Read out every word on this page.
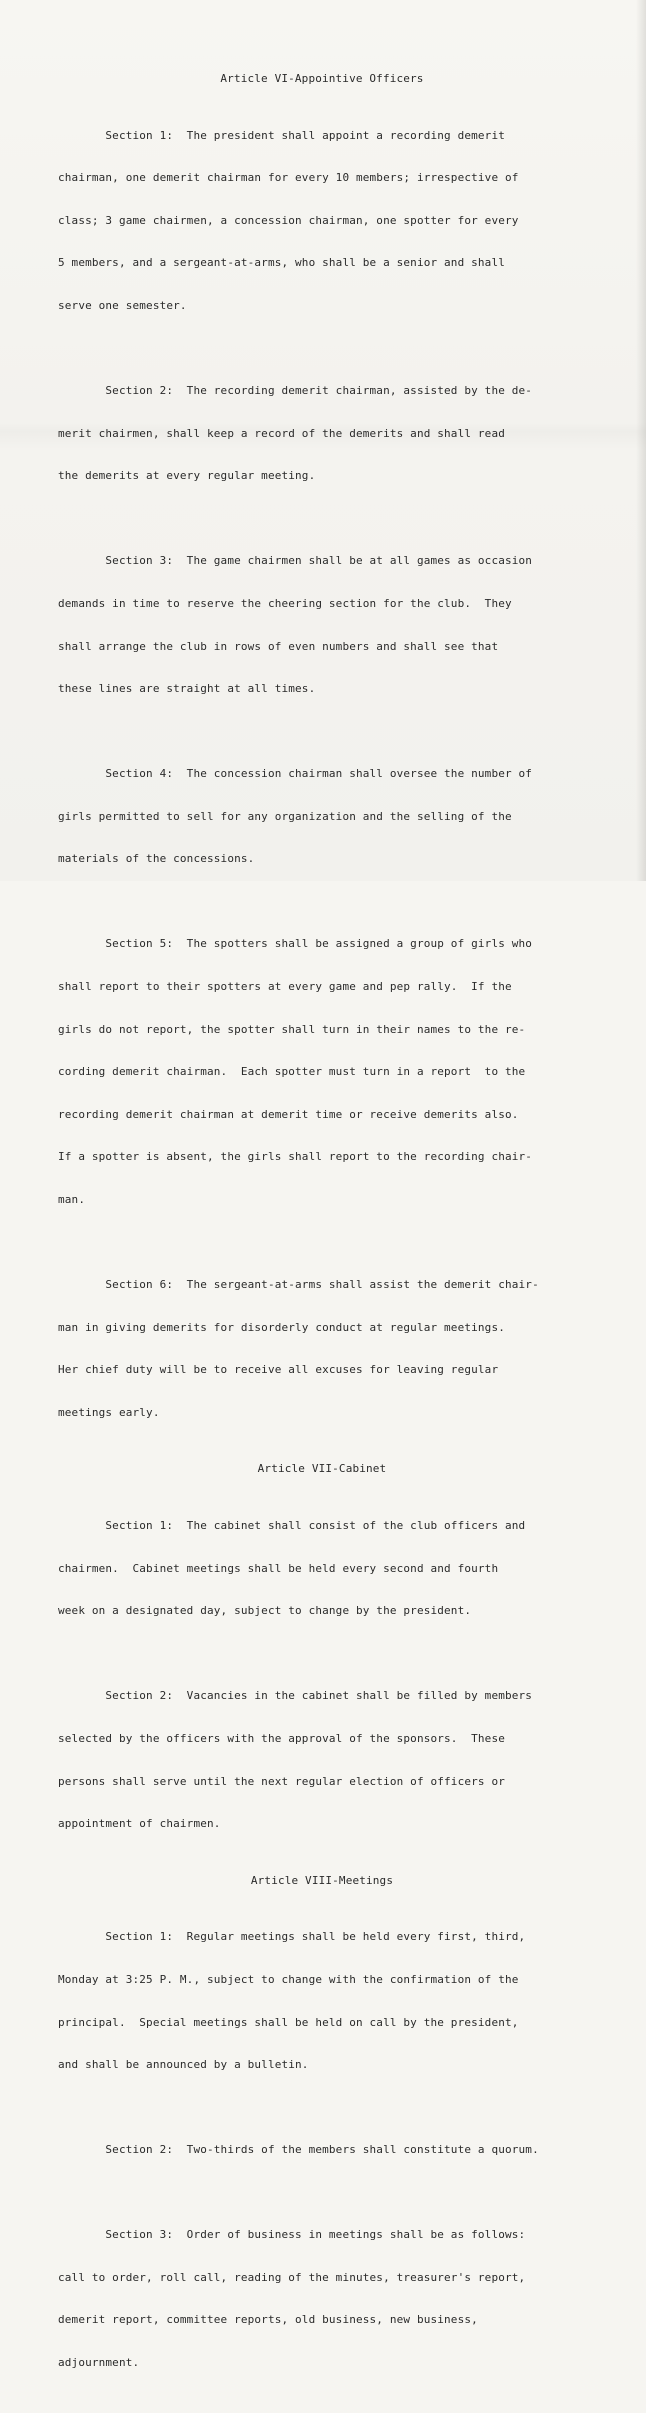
Article VI-Appointive Officers

Section 1:  The president shall appoint a recording demerit

chairman, one demerit chairman for every 10 members; irrespective of

class; 3 game chairmen, a concession chairman, one spotter for every

5 members, and a sergeant-at-arms, who shall be a senior and shall

serve one semester.

Section 2:  The recording demerit chairman, assisted by the de-

merit chairmen, shall keep a record of the demerits and shall read

the demerits at every regular meeting.

Section 3:  The game chairmen shall be at all games as occasion

demands in time to reserve the cheering section for the club.  They

shall arrange the club in rows of even numbers and shall see that

these lines are straight at all times.

Section 4:  The concession chairman shall oversee the number of

girls permitted to sell for any organization and the selling of the

materials of the concessions.

Section 5:  The spotters shall be assigned a group of girls who

shall report to their spotters at every game and pep rally.  If the

girls do not report, the spotter shall turn in their names to the re-

cording demerit chairman.  Each spotter must turn in a report  to the

recording demerit chairman at demerit time or receive demerits also.

If a spotter is absent, the girls shall report to the recording chair-

man.

Section 6:  The sergeant-at-arms shall assist the demerit chair-

man in giving demerits for disorderly conduct at regular meetings.

Her chief duty will be to receive all excuses for leaving regular

meetings early.

Article VII-Cabinet

Section 1:  The cabinet shall consist of the club officers and

chairmen.  Cabinet meetings shall be held every second and fourth

week on a designated day, subject to change by the president.

Section 2:  Vacancies in the cabinet shall be filled by members

selected by the officers with the approval of the sponsors.  These

persons shall serve until the next regular election of officers or

appointment of chairmen.

Article VIII-Meetings

Section 1:  Regular meetings shall be held every first, third,

Monday at 3:25 P. M., subject to change with the confirmation of the

principal.  Special meetings shall be held on call by the president,

and shall be announced by a bulletin.

Section 2:  Two-thirds of the members shall constitute a quorum.

Section 3:  Order of business in meetings shall be as follows:

call to order, roll call, reading of the minutes, treasurer's report,

demerit report, committee reports, old business, new business,

adjournment.
